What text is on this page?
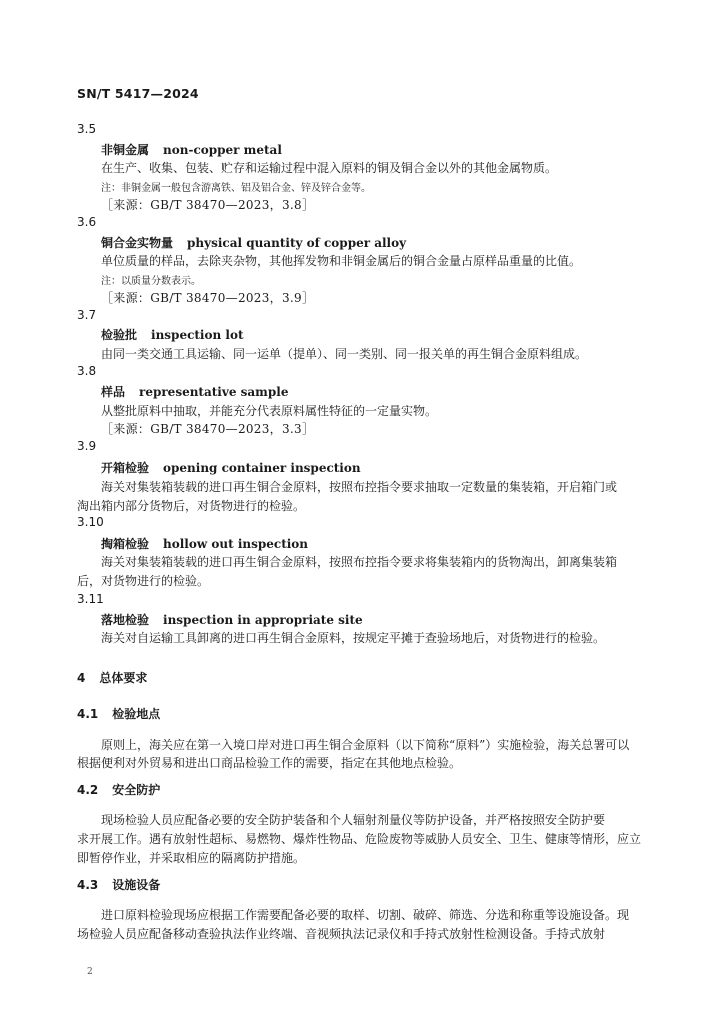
SN/T 5417—2024
3.5
非铜金属 non-copper metal
在生产、收集、包装、贮存和运输过程中混入原料的铜及铜合金以外的其他金属物质。
注：非铜金属一般包含游离铁、铝及铝合金、锌及锌合金等。
［来源：GB/T 38470—2023，3.8］
3.6
铜合金实物量 physical quantity of copper alloy
单位质量的样品，去除夹杂物，其他挥发物和非铜金属后的铜合金量占原样品重量的比值。
注：以质量分数表示。
［来源：GB/T 38470—2023，3.9］
3.7
检验批 inspection lot
由同一类交通工具运输、同一运单（提单）、同一类别、同一报关单的再生铜合金原料组成。
3.8
样品 representative sample
从整批原料中抽取，并能充分代表原料属性特征的一定量实物。
［来源：GB/T 38470—2023，3.3］
3.9
开箱检验 opening container inspection
海关对集装箱装载的进口再生铜合金原料，按照布控指令要求抽取一定数量的集装箱，开启箱门或
淘出箱内部分货物后，对货物进行的检验。
3.10
掏箱检验 hollow out inspection
海关对集装箱装载的进口再生铜合金原料，按照布控指令要求将集装箱内的货物淘出，卸离集装箱
后，对货物进行的检验。
3.11
落地检验 inspection in appropriate site
海关对自运输工具卸离的进口再生铜合金原料，按规定平摊于查验场地后，对货物进行的检验。
4 总体要求
4.1 检验地点
原则上，海关应在第一入境口岸对进口再生铜合金原料（以下简称“原料”）实施检验，海关总署可以
根据便利对外贸易和进出口商品检验工作的需要，指定在其他地点检验。
4.2 安全防护
现场检验人员应配备必要的安全防护装备和个人辐射剂量仪等防护设备，并严格按照安全防护要
求开展工作。遇有放射性超标、易燃物、爆炸性物品、危险废物等威胁人员安全、卫生、健康等情形，应立
即暂停作业，并采取相应的隔离防护措施。
4.3 设施设备
进口原料检验现场应根据工作需要配备必要的取样、切割、破碎、筛选、分选和称重等设施设备。现
场检验人员应配备移动查验执法作业终端、音视频执法记录仪和手持式放射性检测设备。手持式放射
2
